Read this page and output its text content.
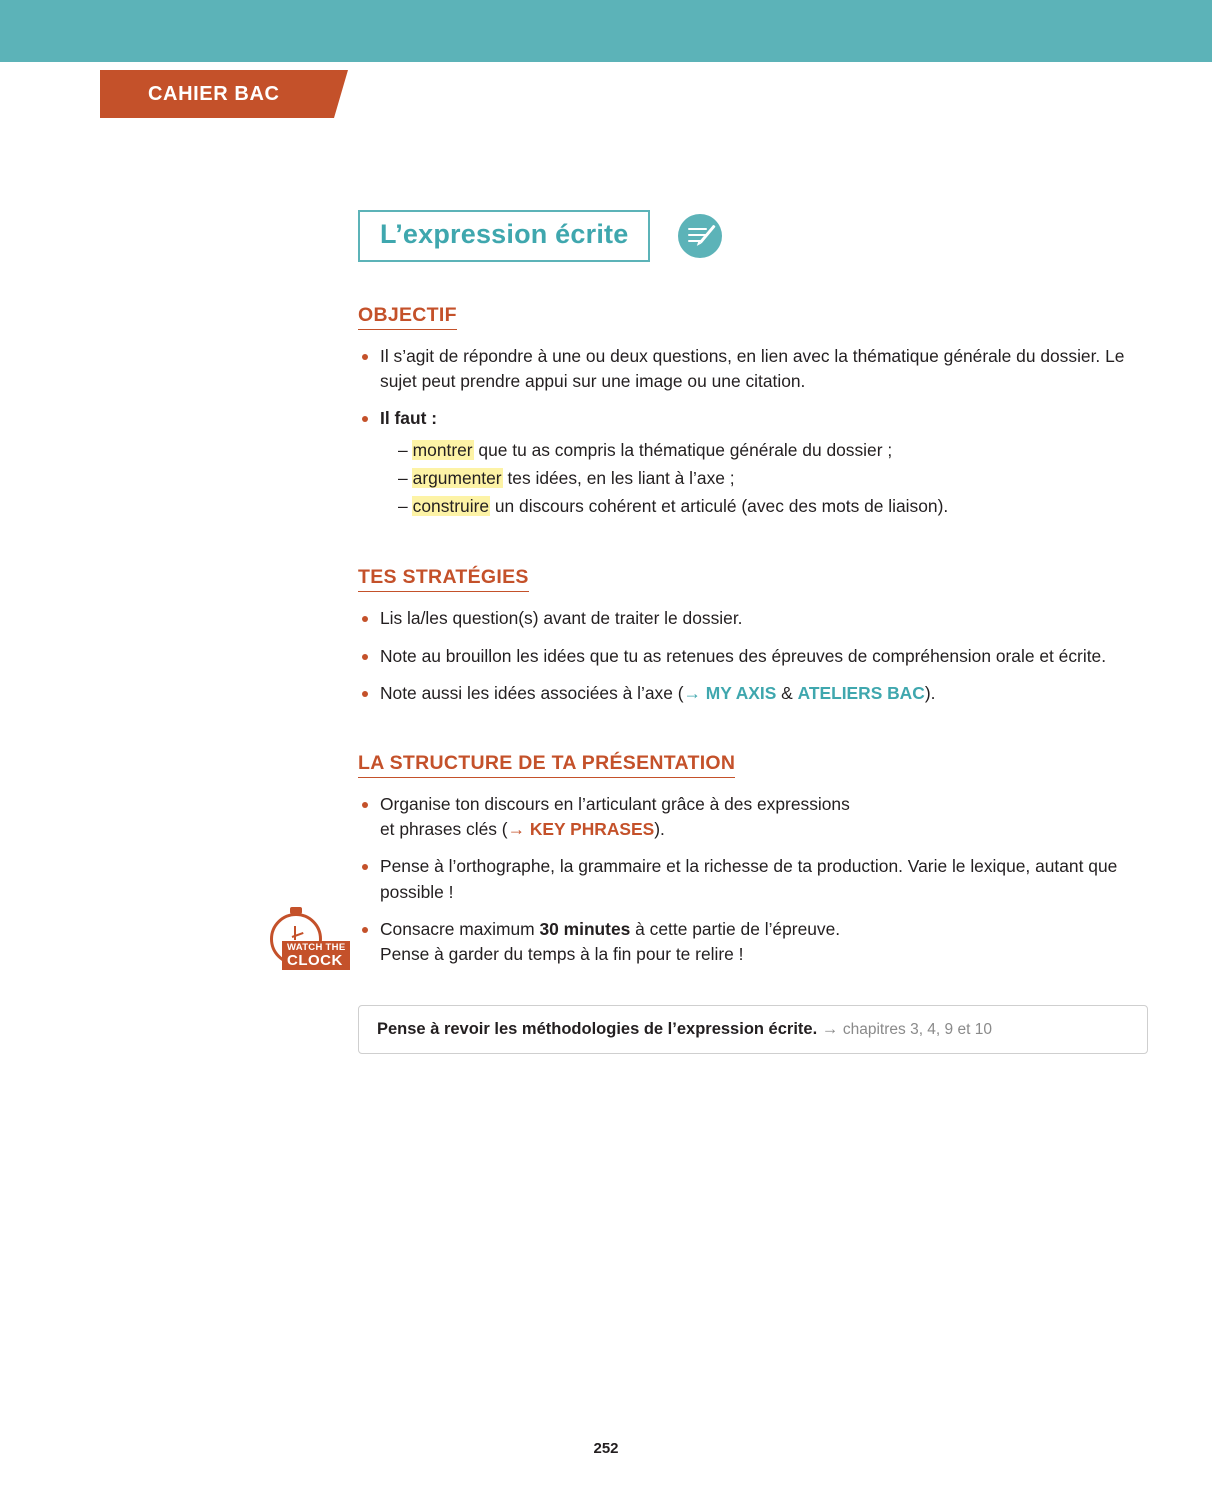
CAHIER BAC
L’expression écrite
OBJECTIF
Il s’agit de répondre à une ou deux questions, en lien avec la thématique générale du dossier. Le sujet peut prendre appui sur une image ou une citation.
Il faut :
– montrer que tu as compris la thématique générale du dossier ;
– argumenter tes idées, en les liant à l’axe ;
– construire un discours cohérent et articulé (avec des mots de liaison).
TES STRATÉGIES
Lis la/les question(s) avant de traiter le dossier.
Note au brouillon les idées que tu as retenues des épreuves de compréhension orale et écrite.
Note aussi les idées associées à l’axe (→ MY AXIS & ATELIERS BAC).
LA STRUCTURE DE TA PRÉSENTATION
Organise ton discours en l’articulant grâce à des expressions
et phrases clés (→ KEY PHRASES).
Pense à l’orthographe, la grammaire et la richesse de ta production. Varie le lexique, autant que possible !
Consacre maximum 30 minutes à cette partie de l’épreuve.
Pense à garder du temps à la fin pour te relire !
Pense à revoir les méthodologies de l’expression écrite. → chapitres 3, 4, 9 et 10
WATCH THE
CLOCK
252
